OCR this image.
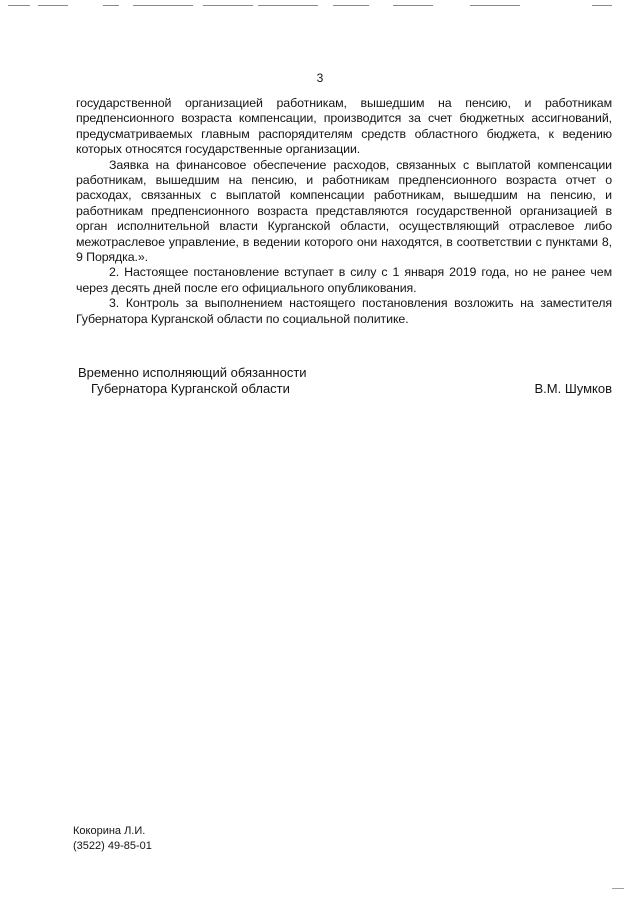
3

государственной организацией работникам, вышедшим на пенсию, и работникам предпенсионного возраста компенсации, производится за счет бюджетных ассигнований, предусматриваемых главным распорядителям средств областного бюджета, к ведению которых относятся государственные организации.

Заявка на финансовое обеспечение расходов, связанных с выплатой компенсации работникам, вышедшим на пенсию, и работникам предпенсионного возраста отчет о расходах, связанных с выплатой компенсации работникам, вышедшим на пенсию, и работникам предпенсионного возраста представляются государственной организацией в орган исполнительной власти Курганской области, осуществляющий отраслевое либо межотраслевое управление, в ведении которого они находятся, в соответствии с пунктами 8, 9 Порядка.».

2. Настоящее постановление вступает в силу с 1 января 2019 года, но не ранее чем через десять дней после его официального опубликования.

3. Контроль за выполнением настоящего постановления возложить на заместителя Губернатора Курганской области по социальной политике.

Временно исполняющий обязанности
Губернатора Курганской области	В.М. Шумков
Кокорина Л.И.
(3522) 49-85-01
